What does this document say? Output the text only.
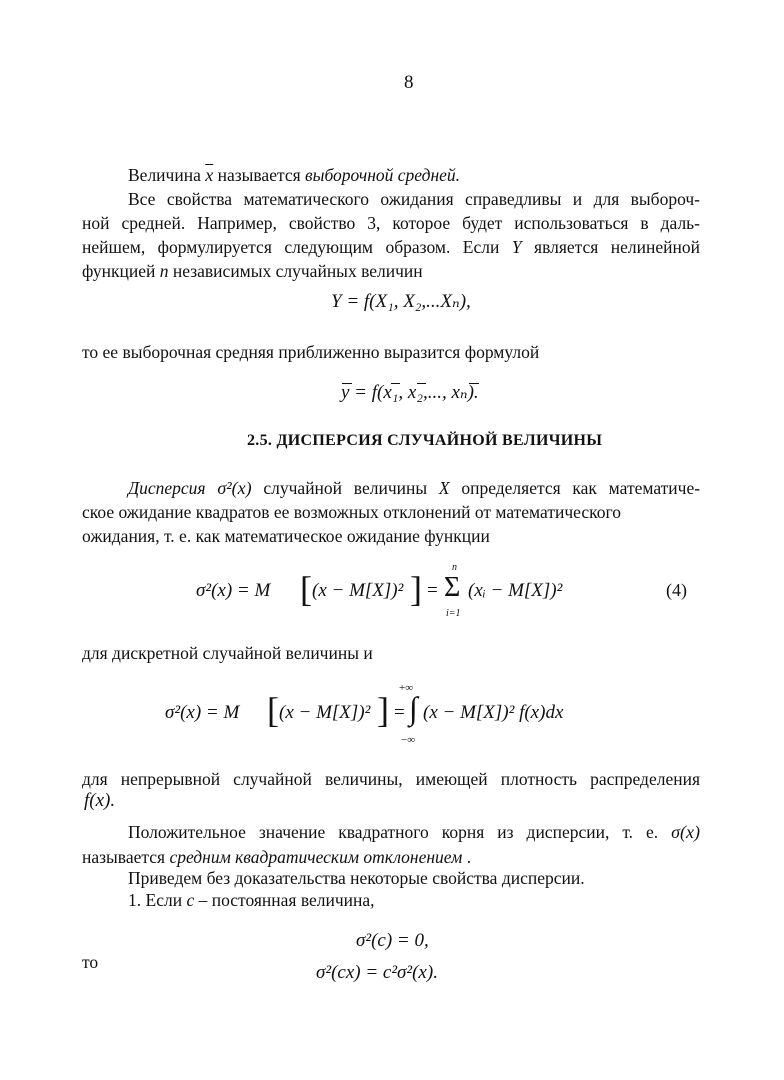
8
Величина $\overline{x}$ называется выборочной средней.
Все свойства математического ожидания справедливы и для выбороч-
ной средней. Например, свойство 3, которое будет использоваться в даль-
нейшем, формулируется следующим образом. Если Y является нелинейной
функцией n независимых случайных величин
Y = f(X₁, X₂,...Xₙ),
то ее выборочная средняя приближенно выразится формулой
y = f(x₁, x₂,..., xₙ).
2.5. ДИСПЕРСИЯ СЛУЧАЙНОЙ ВЕЛИЧИНЫ
Дисперсия σ²(x) случайной величины X определяется как математиче-
ское ожидание квадратов ее возможных отклонений от математического
ожидания, т. е. как математическое ожидание функции
σ²(x) = M [ (x − M[X])² ] =
n
Σ
i=1
(xᵢ − M[X])²	(4)
для дискретной случайной величины и
σ²(x) = M [ (x − M[X])² ] =
+∞
∫
−∞
(x − M[X])² f(x)dx
для непрерывной случайной величины, имеющей плотность распределения
f(x).
Положительное значение квадратного корня из дисперсии, т. е. σ(x)
называется средним квадратическим отклонением .
Приведем без доказательства некоторые свойства дисперсии.
1. Если c – постоянная величина,
σ²(c) = 0,
то	σ²(cx) = c²σ²(x).
